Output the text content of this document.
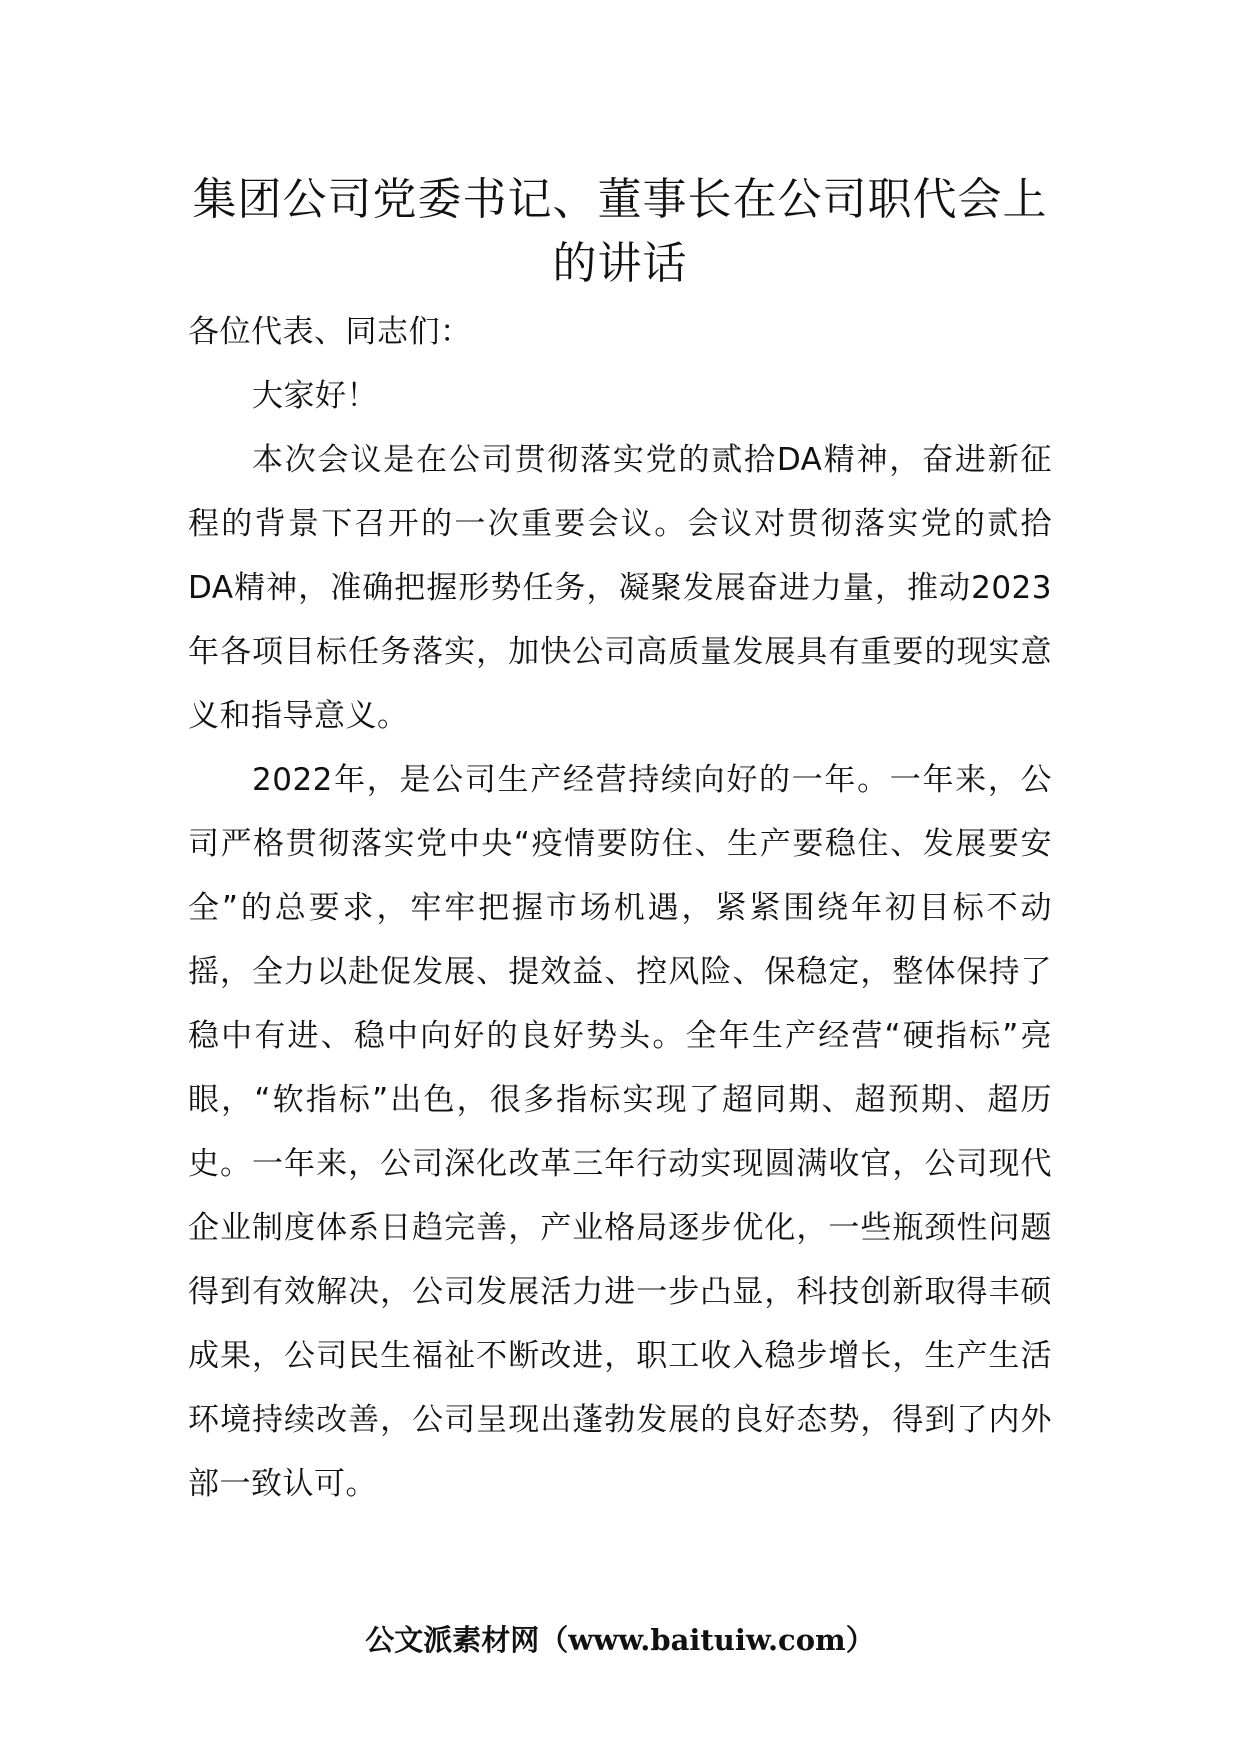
集团公司党委书记、董事长在公司职代会上的讲话

各位代表、同志们：

大家好！

本次会议是在公司贯彻落实党的贰拾DA精神，奋进新征程的背景下召开的一次重要会议。会议对贯彻落实党的贰拾DA精神，准确把握形势任务，凝聚发展奋进力量，推动2023年各项目标任务落实，加快公司高质量发展具有重要的现实意义和指导意义。

2022年，是公司生产经营持续向好的一年。一年来，公司严格贯彻落实党中央“疫情要防住、生产要稳住、发展要安全”的总要求，牢牢把握市场机遇，紧紧围绕年初目标不动摇，全力以赴促发展、提效益、控风险、保稳定，整体保持了稳中有进、稳中向好的良好势头。全年生产经营“硬指标”亮眼，“软指标”出色，很多指标实现了超同期、超预期、超历史。一年来，公司深化改革三年行动实现圆满收官，公司现代企业制度体系日趋完善，产业格局逐步优化，一些瓶颈性问题得到有效解决，公司发展活力进一步凸显，科技创新取得丰硕成果，公司民生福祉不断改进，职工收入稳步增长，生产生活环境持续改善，公司呈现出蓬勃发展的良好态势，得到了内外部一致认可。

公文派素材网（www.baituiw.com）
